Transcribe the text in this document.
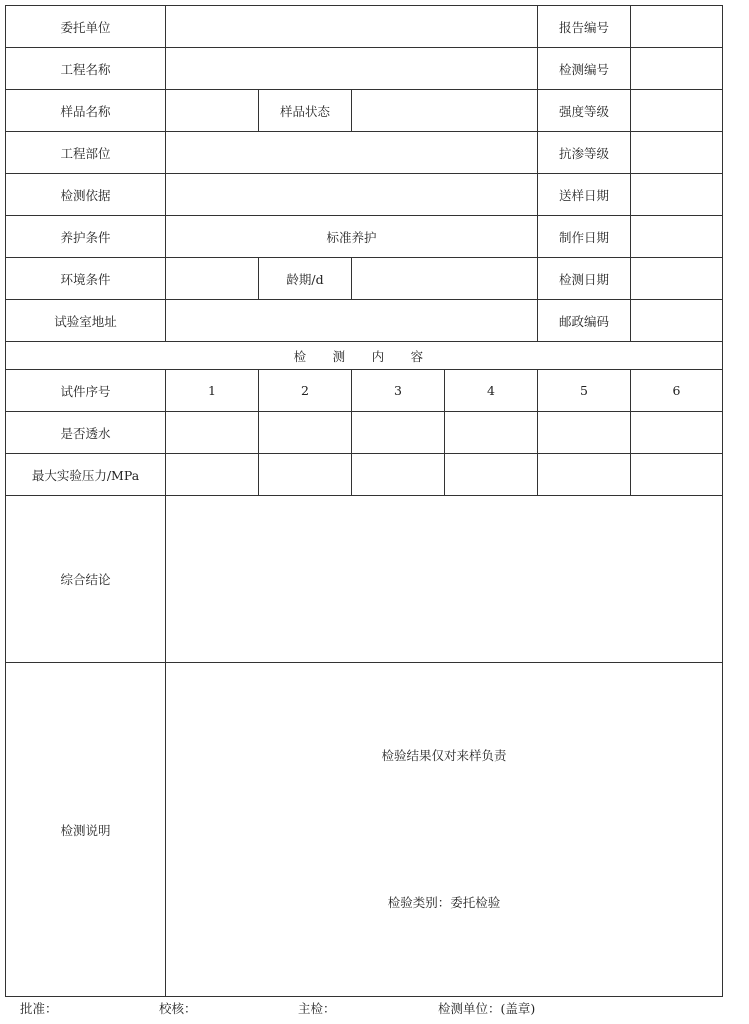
委托单位					报告编号	
工程名称					检测编号	
样品名称		样品状态			强度等级	
工程部位					抗渗等级	
检测依据					送样日期	
养护条件	标准养护				制作日期	
环境条件		龄期/d			检测日期	
试验室地址					邮政编码	
检 测 内 容						
试件序号	1	2	3	4	5	6
是否透水						
最大实验压力/MPa						
综合结论						
检测说明	检验结果仅对来样负责
检验类别：委托检验					
批准：	校核：	主检：	检测单位：(盖章)
